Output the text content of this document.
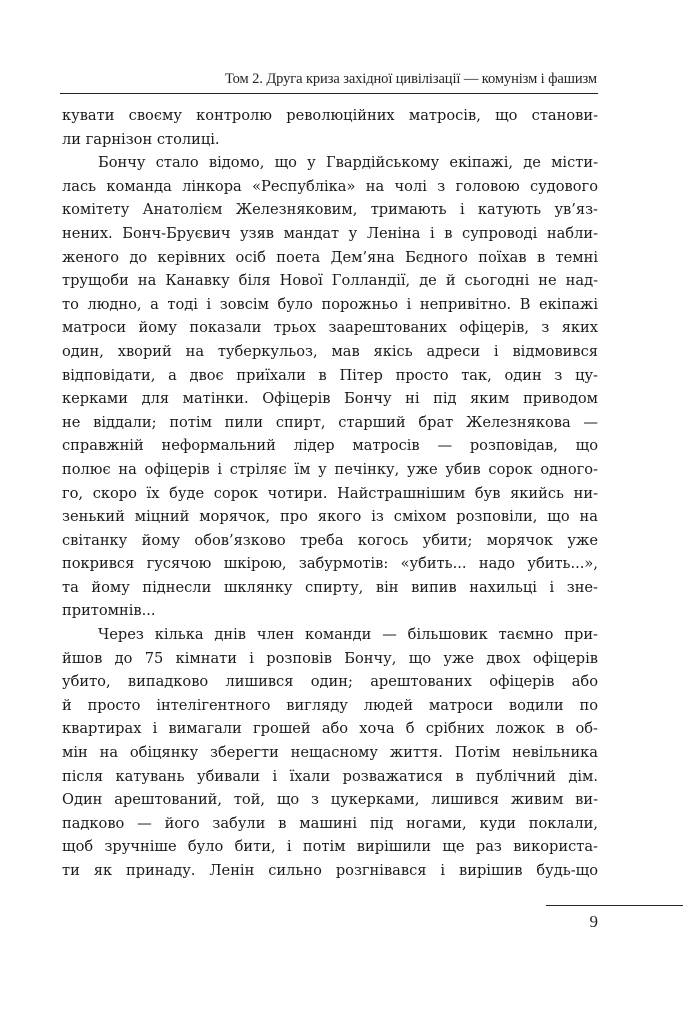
Том 2. Друга криза західної цивілізації — комунізм і фашизм
кувати своєму контролю революційних матросів, що станови-
ли гарнізон столиці.
Бончу стало відомо, що у Гвардійському екіпажі, де місти-
лась команда лінкора «Республіка» на чолі з головою судового
комітету Анатолієм Железняковим, тримають і катують ув’яз-
нених. Бонч-Бруєвич узяв мандат у Леніна і в супроводі набли-
женого до керівних осіб поета Дем’яна Бєдного поїхав в темні
трущоби на Канавку біля Нової Голландії, де й сьогодні не над-
то людно, а тоді і зовсім було порожньо і непривітно. В екіпажі
матроси йому показали трьох заарештованих офіцерів, з яких
один, хворий на туберкульоз, мав якісь адреси і відмовився
відповідати, а двоє приїхали в Пітер просто так, один з цу-
керками для матінки. Офіцерів Бончу ні під яким приводом
не віддали; потім пили спирт, старший брат Железнякова —
справжній неформальний лідер матросів — розповідав, що
полює на офіцерів і стріляє їм у печінку, уже убив сорок одного-
го, скоро їх буде сорок чотири. Найстрашнішим був якийсь ни-
зенький міцний морячок, про якого із сміхом розповіли, що на
світанку йому обов’язково треба когось убити; морячок уже
покрився гусячою шкірою, забурмотів: «убить... надо убить...»,
та йому піднесли шклянку спирту, він випив нахильці і зне-
притомнів...
Через кілька днів член команди — більшовик таємно при-
йшов до 75 кімнати і розповів Бончу, що уже двох офіцерів
убито, випадково лишився один; арештованих офіцерів або
й просто інтелігентного вигляду людей матроси водили по
квартирах і вимагали грошей або хоча б срібних ложок в об-
мін на обіцянку зберегти нещасному життя. Потім невільника
після катувань убивали і їхали розважатися в публічний дім.
Один арештований, той, що з цукерками, лишився живим ви-
падково — його забули в машині під ногами, куди поклали,
щоб зручніше було бити, і потім вирішили ще раз використа-
ти як принаду. Ленін сильно розгнівався і вирішив будь-що
9
